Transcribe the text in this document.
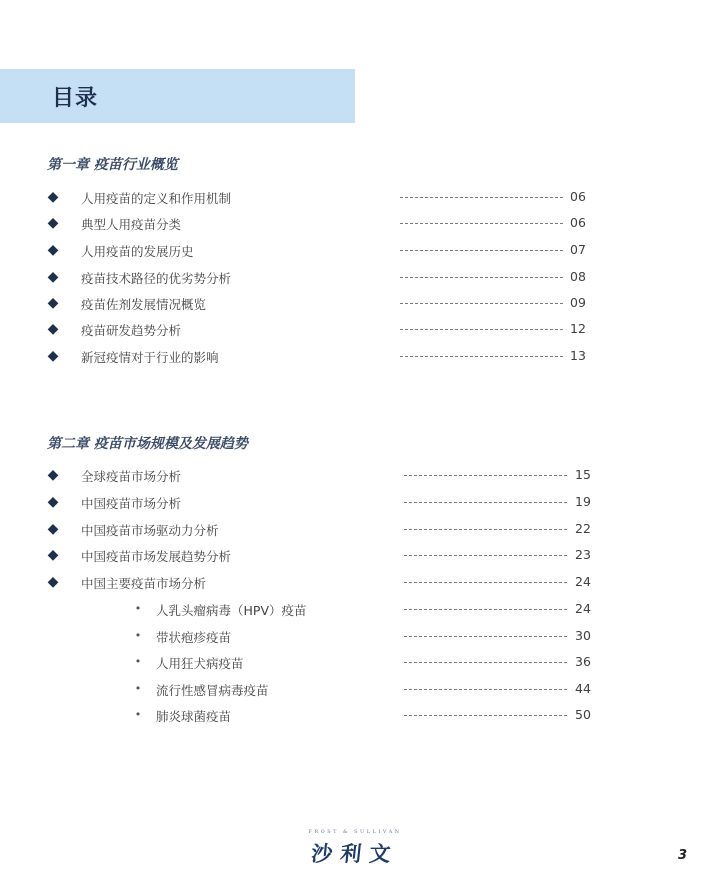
目录
第一章 疫苗行业概览
◆ 人用疫苗的定义和作用机制	06
◆ 典型人用疫苗分类	06
◆ 人用疫苗的发展历史	07
◆ 疫苗技术路径的优劣势分析	08
◆ 疫苗佐剂发展情况概览	09
◆ 疫苗研发趋势分析	12
◆ 新冠疫情对于行业的影响	13
第二章 疫苗市场规模及发展趋势
◆ 全球疫苗市场分析	15
◆ 中国疫苗市场分析	19
◆ 中国疫苗市场驱动力分析	22
◆ 中国疫苗市场发展趋势分析	23
◆ 中国主要疫苗市场分析	24
•	人乳头瘤病毒（HPV）疫苗	24
•	带状疱疹疫苗	30
•	人用狂犬病疫苗	36
•	流行性感冒病毒疫苗	44
•	肺炎球菌疫苗	50
FROST & SULLIVAN
沙利文	3
